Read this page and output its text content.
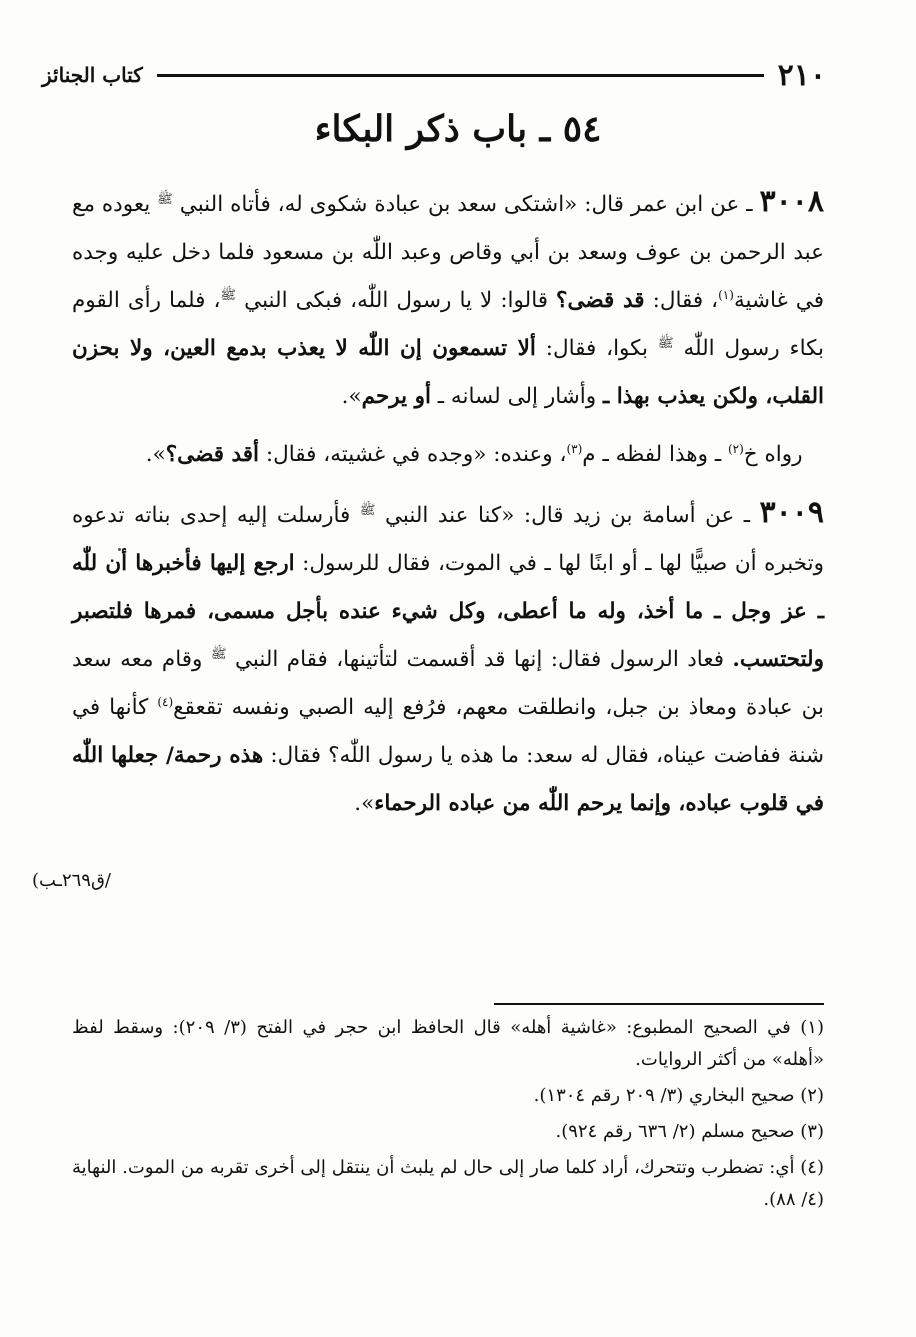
٢١٠
كتاب الجنائز
٥٤ ـ باب ذكر البكاء

٣٠٠٨ ـ عن ابن عمر قال: «اشتكى سعد بن عبادة شكوى له، فأتاه النبي $^ﷺ$ يعوده مع عبد الرحمن بن عوف وسعد بن أبي وقاص وعبد اللّٰه بن مسعود فلما دخل عليه وجده في غاشية$^{(١)}$، فقال: قد قضى؟ قالوا: لا يا رسول اللّٰه، فبكى النبي $^ﷺ$، فلما رأى القوم بكاء رسول اللّٰه $^ﷺ$ بكوا، فقال: ألا تسمعون إن اللّٰه لا يعذب بدمع العين، ولا بحزن القلب، ولكن يعذب بهذا ـ وأشار إلى لسانه ـ أو يرحم».

 رواه خ$^{(٢)}$ ـ وهذا لفظه ـ م$^{(٣)}$، وعنده: «وجده في غشيته، فقال: أقد قضى؟».

٣٠٠٩ ـ عن أسامة بن زيد قال: «كنا عند النبي $^ﷺ$ فأرسلت إليه إحدى بناته تدعوه وتخبره أن صبيًّا لها ـ أو ابنًا لها ـ في الموت، فقال للرسول: ارجع إليها فأخبرها أن للّٰه ـ عز وجل ـ ما أخذ، وله ما أعطى، وكل شيء عنده بأجل مسمى، فمرها فلتصبر ولتحتسب. فعاد الرسول فقال: إنها قد أقسمت لتأتينها، فقام النبي $^ﷺ$ وقام معه سعد بن عبادة ومعاذ بن جبل، وانطلقت معهم، فرُفع إليه الصبي ونفسه تقعقع$^{(٤)}$ كأنها في شنة ففاضت عيناه، فقال له سعد: ما هذه يا رسول اللّٰه؟ فقال: هذه رحمة/ جعلها اللّٰه في قلوب عباده، وإنما يرحم اللّٰه من عباده الرحماء».

/ق٢٦٩ـب)

(١) في الصحيح المطبوع: «غاشية أهله» قال الحافظ ابن حجر في الفتح (٣/ ٢٠٩): وسقط لفظ «أهله» من أكثر الروايات.

(٢) صحيح البخاري (٣/ ٢٠٩ رقم ١٣٠٤).

(٣) صحيح مسلم (٢/ ٦٣٦ رقم ٩٢٤).

(٤) أي: تضطرب وتتحرك، أراد كلما صار إلى حال لم يلبث أن ينتقل إلى أخرى تقربه من الموت. النهاية (٤/ ٨٨).
